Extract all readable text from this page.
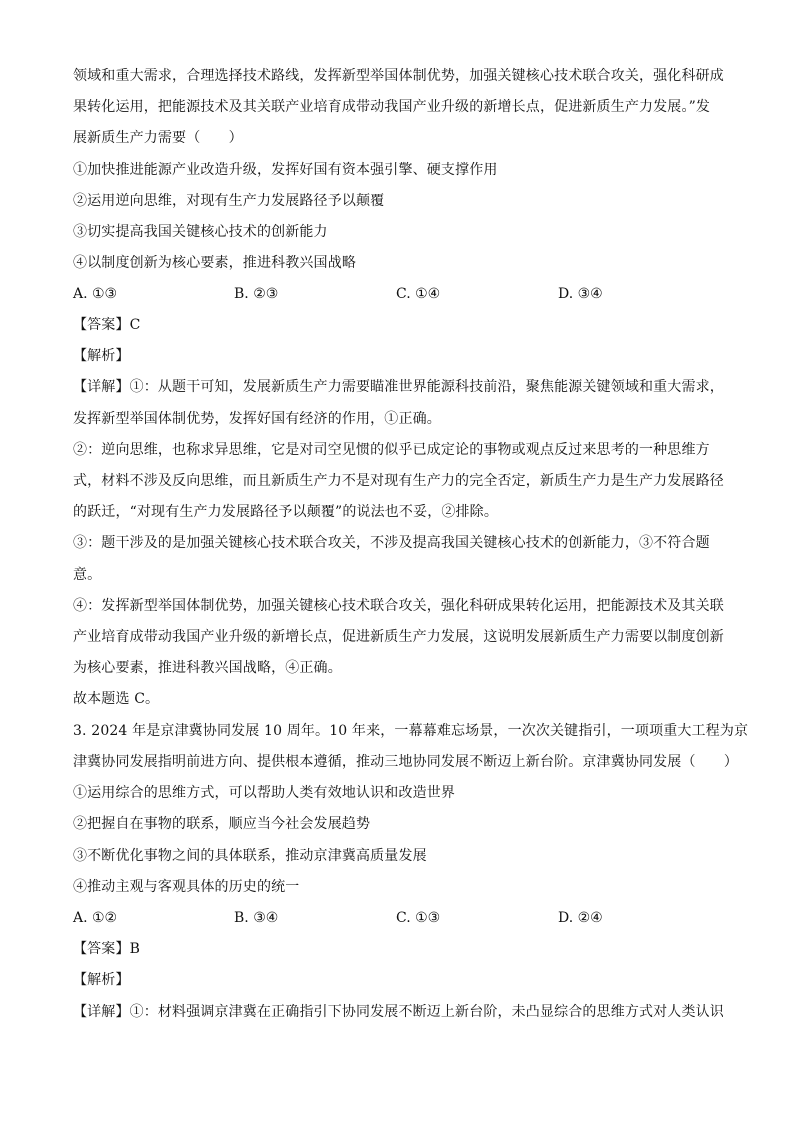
领域和重大需求，合理选择技术路线，发挥新型举国体制优势，加强关键核心技术联合攻关，强化科研成
果转化运用，把能源技术及其关联产业培育成带动我国产业升级的新增长点，促进新质生产力发展。”发
展新质生产力需要（　　）
①加快推进能源产业改造升级，发挥好国有资本强引擎、硬支撑作用
②运用逆向思维，对现有生产力发展路径予以颠覆
③切实提高我国关键核心技术的创新能力
④以制度创新为核心要素，推进科教兴国战略
A. ①③	B. ②③	C. ①④	D. ③④
【答案】C
【解析】
【详解】①：从题干可知，发展新质生产力需要瞄准世界能源科技前沿，聚焦能源关键领域和重大需求，
发挥新型举国体制优势，发挥好国有经济的作用，①正确。
②：逆向思维，也称求异思维，它是对司空见惯的似乎已成定论的事物或观点反过来思考的一种思维方
式，材料不涉及反向思维，而且新质生产力不是对现有生产力的完全否定，新质生产力是生产力发展路径
的跃迁，“对现有生产力发展路径予以颠覆”的说法也不妥，②排除。
③：题干涉及的是加强关键核心技术联合攻关，不涉及提高我国关键核心技术的创新能力，③不符合题
意。
④：发挥新型举国体制优势，加强关键核心技术联合攻关，强化科研成果转化运用，把能源技术及其关联
产业培育成带动我国产业升级的新增长点，促进新质生产力发展，这说明发展新质生产力需要以制度创新
为核心要素，推进科教兴国战略，④正确。
故本题选 C。
3. 2024 年是京津冀协同发展 10 周年。10 年来，一幕幕难忘场景，一次次关键指引，一项项重大工程为京
津冀协同发展指明前进方向、提供根本遵循，推动三地协同发展不断迈上新台阶。京津冀协同发展（　　）
①运用综合的思维方式，可以帮助人类有效地认识和改造世界
②把握自在事物的联系，顺应当今社会发展趋势
③不断优化事物之间的具体联系，推动京津冀高质量发展
④推动主观与客观具体的历史的统一
A. ①②	B. ③④	C. ①③	D. ②④
【答案】B
【解析】
【详解】①：材料强调京津冀在正确指引下协同发展不断迈上新台阶，未凸显综合的思维方式对人类认识
